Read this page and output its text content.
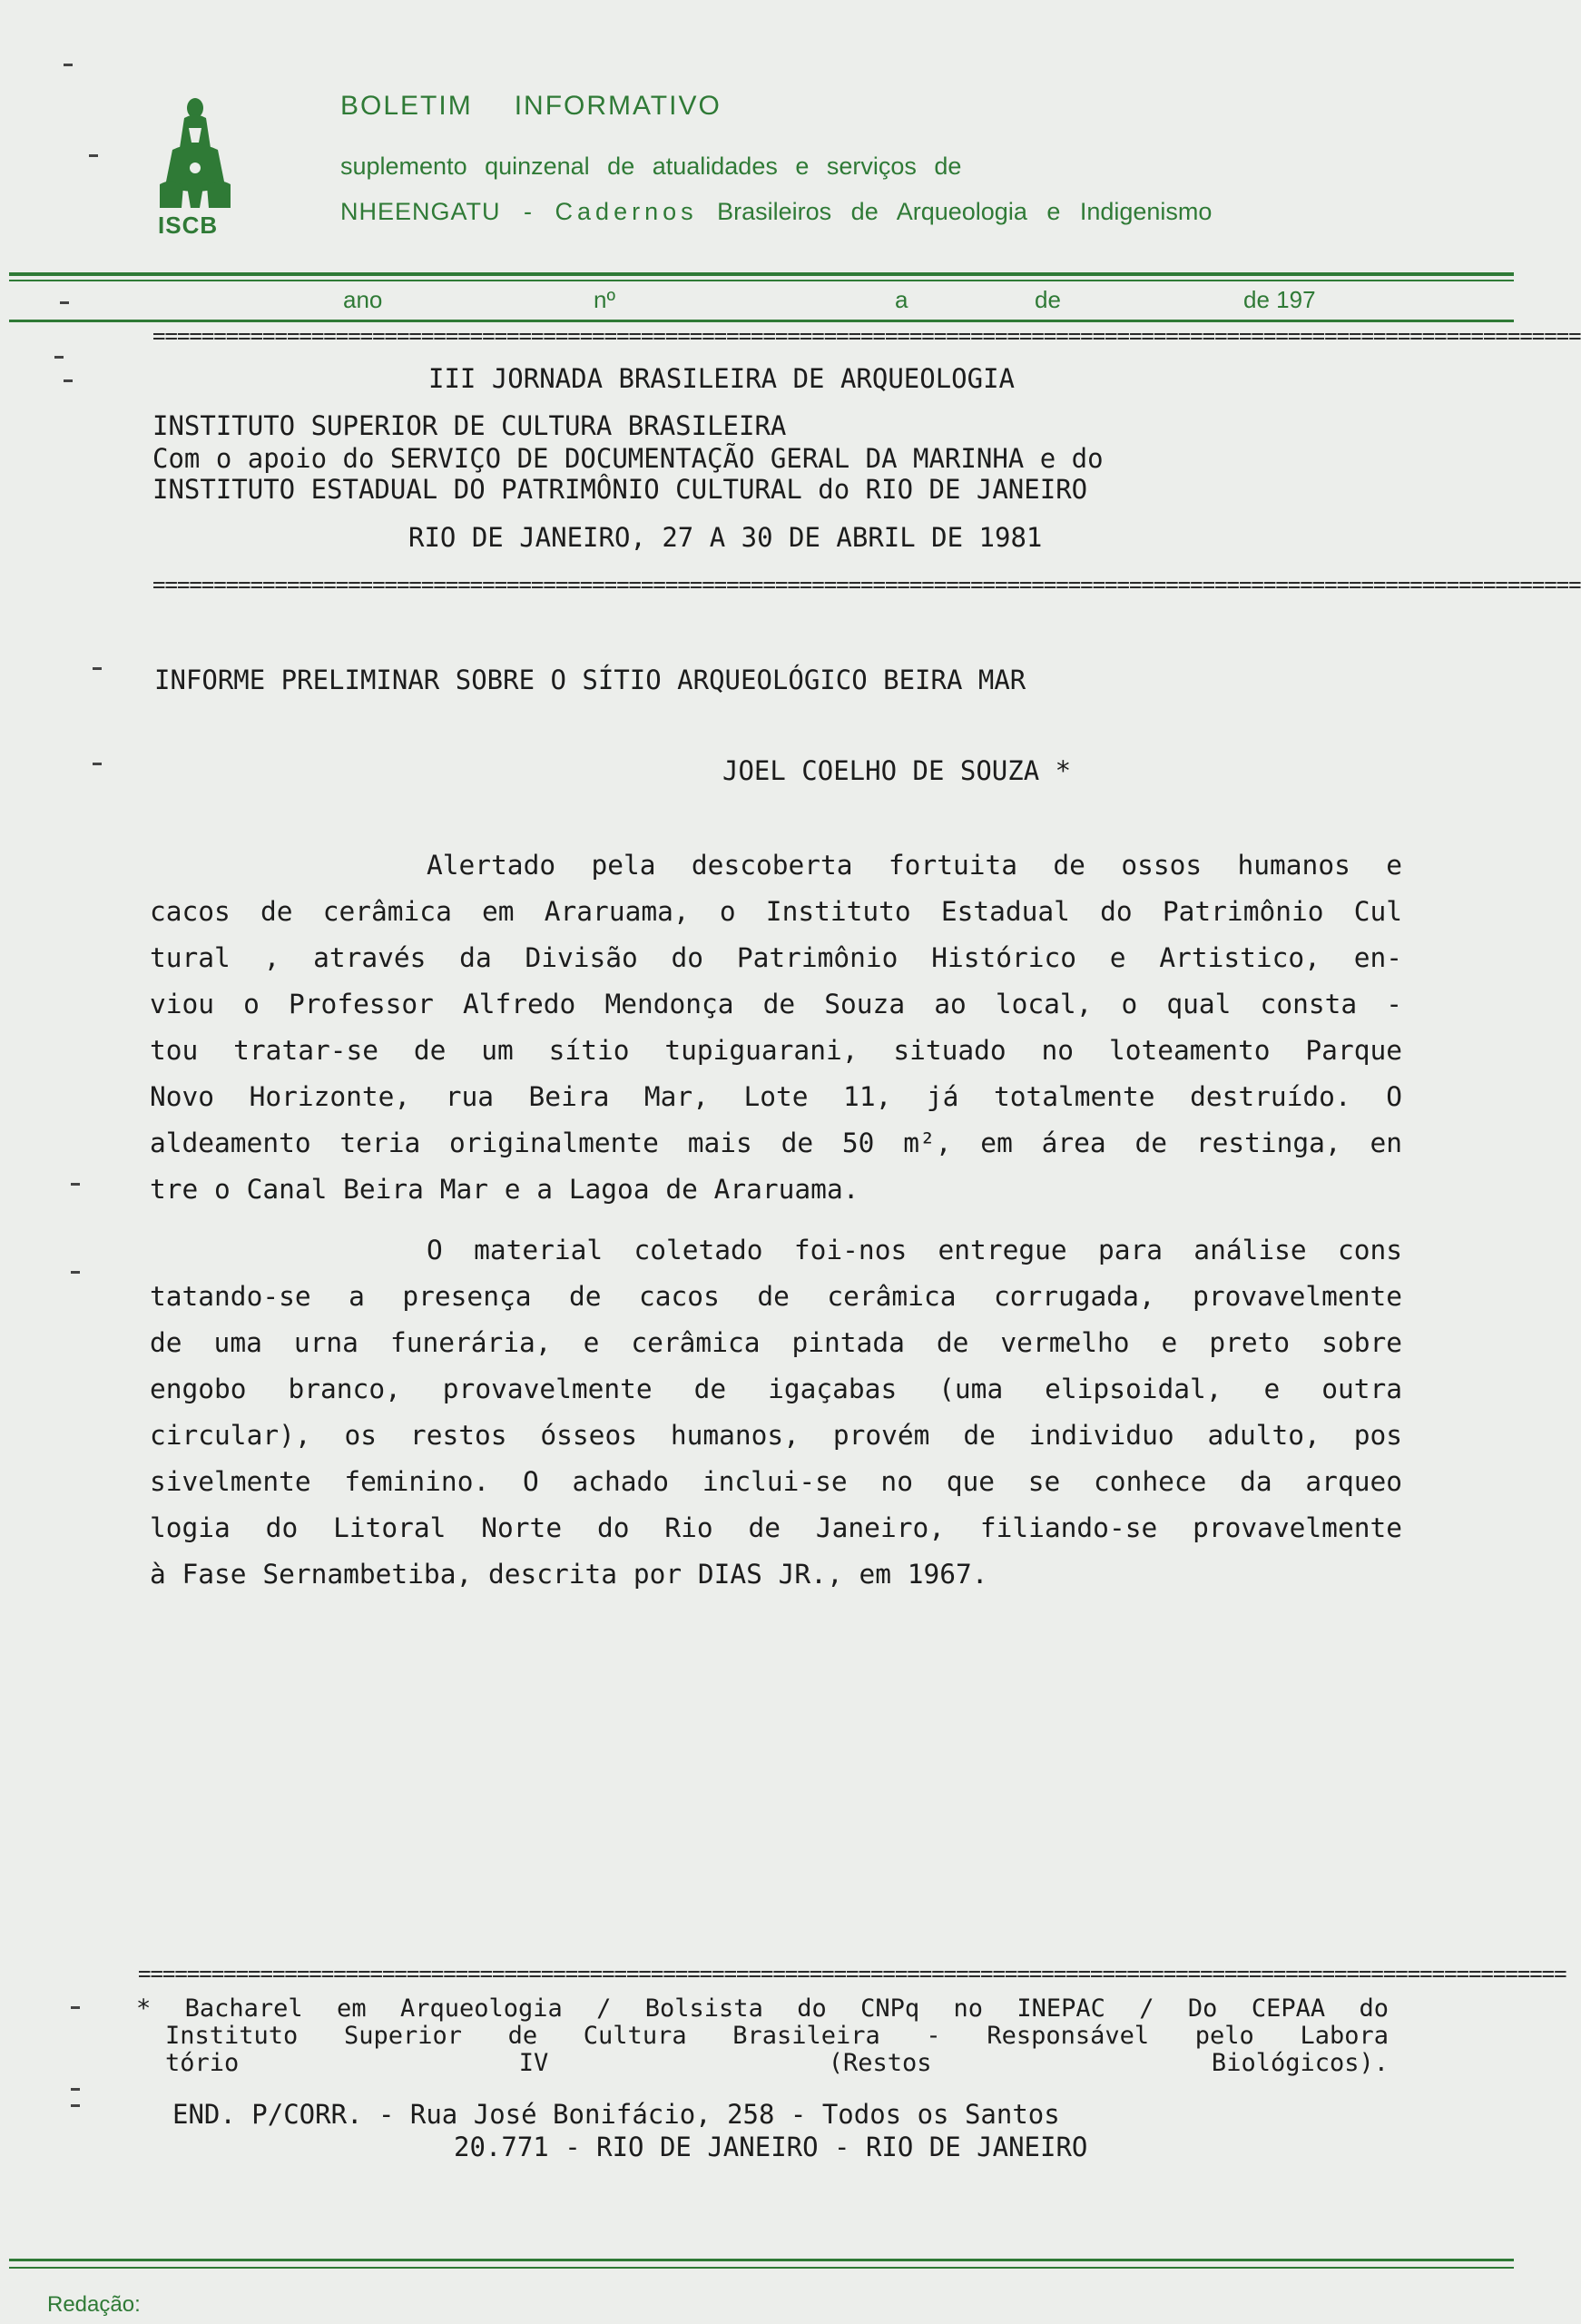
ISCB
BOLETIM INFORMATIVO
suplemento quinzenal de atualidades e serviços de
NHEENGATU - Cadernos Brasileiros de Arqueologia e Indigenismo
ano	nº	a	de	de 197
=====================================================================================================================
III JORNADA BRASILEIRA DE ARQUEOLOGIA
INSTITUTO SUPERIOR DE CULTURA BRASILEIRA
Com o apoio do SERVIÇO DE DOCUMENTAÇÃO GERAL DA MARINHA e do
INSTITUTO ESTADUAL DO PATRIMÔNIO CULTURAL do RIO DE JANEIRO
RIO DE JANEIRO, 27 A 30 DE ABRIL DE 1981
=====================================================================================================================
INFORME PRELIMINAR SOBRE O SÍTIO ARQUEOLÓGICO BEIRA MAR
JOEL COELHO DE SOUZA *
Alertado pela descoberta fortuita de ossos humanos e
cacos de cerâmica em Araruama, o Instituto Estadual do Patrimônio Cul
tural , através da Divisão do Patrimônio Histórico e Artistico, en-
viou o Professor Alfredo Mendonça de Souza ao local, o qual consta -
tou tratar-se de um sítio tupiguarani, situado no loteamento Parque
Novo Horizonte, rua Beira Mar, Lote 11, já totalmente destruído. O
aldeamento teria originalmente mais de 50 m², em área de restinga, en
tre o Canal Beira Mar e a Lagoa de Araruama.
O material coletado foi-nos entregue para análise cons
tatando-se a presença de cacos de cerâmica corrugada, provavelmente
de uma urna funerária, e cerâmica pintada de vermelho e preto sobre
engobo branco, provavelmente de igaçabas (uma elipsoidal, e outra
circular), os restos ósseos humanos, provém de individuo adulto, pos
sivelmente feminino. O achado inclui-se no que se conhece da arqueo
logia do Litoral Norte do Rio de Janeiro, filiando-se provavelmente
à Fase Sernambetiba, descrita por DIAS JR., em 1967.
=====================================================================================================================
* Bacharel em Arqueologia / Bolsista do CNPq no INEPAC / Do CEPAA do
Instituto Superior de Cultura Brasileira - Responsável pelo Labora
tório IV (Restos Biológicos).
END. P/CORR. - Rua José Bonifácio, 258 - Todos os Santos
20.771 - RIO DE JANEIRO - RIO DE JANEIRO
Redação:
